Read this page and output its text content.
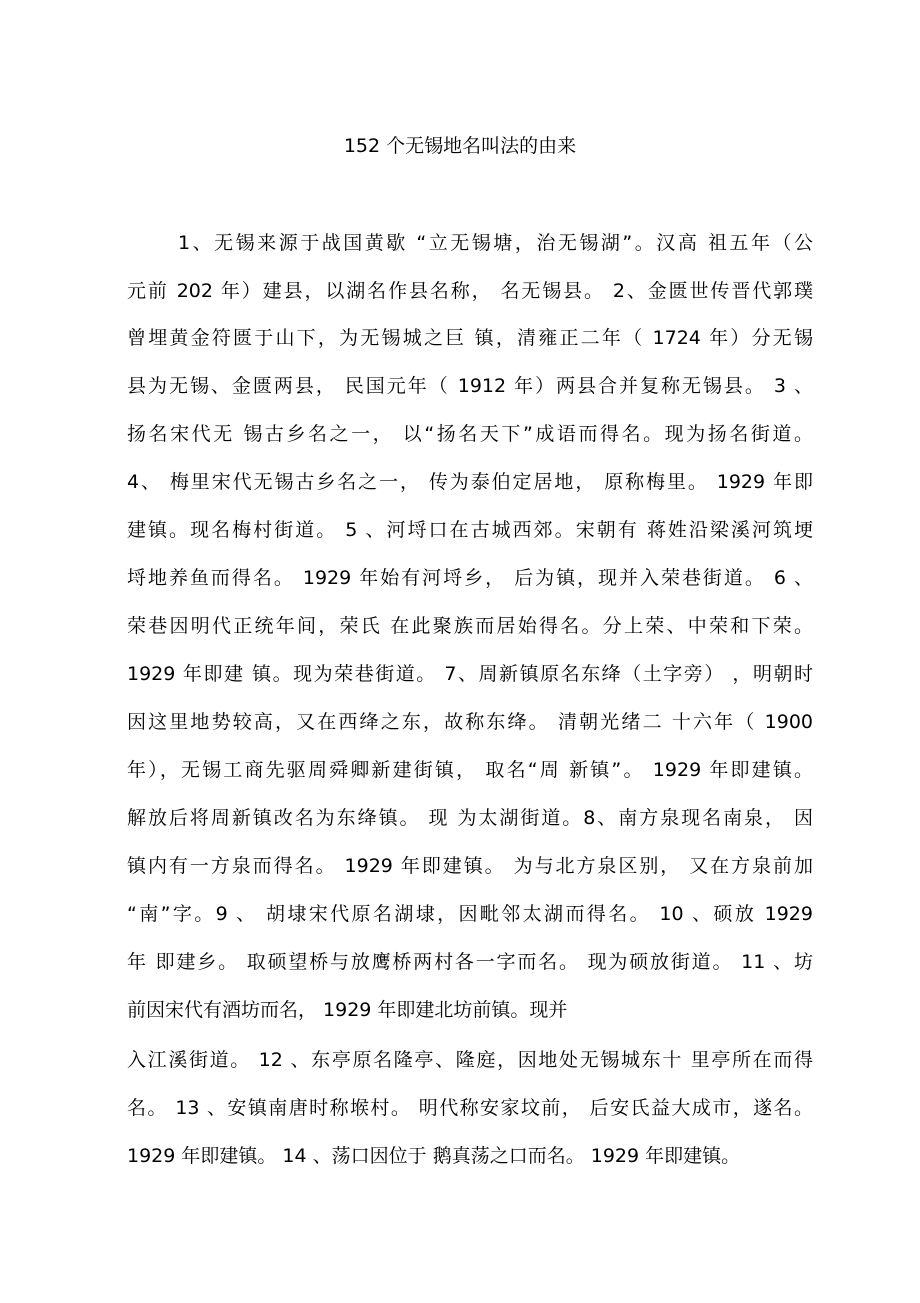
152 个无锡地名叫法的由来
1、无锡来源于战国黄歇 “立无锡塘，治无锡湖”。汉高 祖五年（公
元前 202 年）建县，以湖名作县名称， 名无锡县。 2、金匮世传晋代郭璞
曾埋黄金符匮于山下，为无锡城之巨 镇，清雍正二年（ 1724 年）分无锡
县为无锡、金匮两县， 民国元年（ 1912 年）两县合并复称无锡县。 3 、
扬名宋代无 锡古乡名之一， 以“扬名天下”成语而得名。现为扬名街道。
4、 梅里宋代无锡古乡名之一， 传为泰伯定居地， 原称梅里。 1929 年即
建镇。现名梅村街道。 5 、河埒口在古城西郊。宋朝有 蒋姓沿梁溪河筑埂
埒地养鱼而得名。 1929 年始有河埒乡， 后为镇，现并入荣巷街道。 6 、
荣巷因明代正统年间，荣氏 在此聚族而居始得名。分上荣、中荣和下荣。
1929 年即建 镇。现为荣巷街道。 7、周新镇原名东绛（土字旁） ，明朝时
因这里地势较高，又在西绛之东，故称东绛。 清朝光绪二 十六年（ 1900
年），无锡工商先驱周舜卿新建街镇， 取名“周 新镇”。 1929 年即建镇。
解放后将周新镇改名为东绛镇。 现 为太湖街道。8、南方泉现名南泉， 因
镇内有一方泉而得名。 1929 年即建镇。 为与北方泉区别， 又在方泉前加
“南”字。9 、 胡埭宋代原名湖埭，因毗邻太湖而得名。 10 、硕放 1929
年 即建乡。 取硕望桥与放鹰桥两村各一字而名。 现为硕放街道。 11 、坊
前因宋代有酒坊而名， 1929 年即建北坊前镇。现并
入江溪街道。 12 、东亭原名隆亭、隆庭，因地处无锡城东十 里亭所在而得
名。 13 、安镇南唐时称堠村。 明代称安家坟前， 后安氏益大成市，遂名。
1929 年即建镇。 14 、荡口因位于 鹅真荡之口而名。 1929 年即建镇。
